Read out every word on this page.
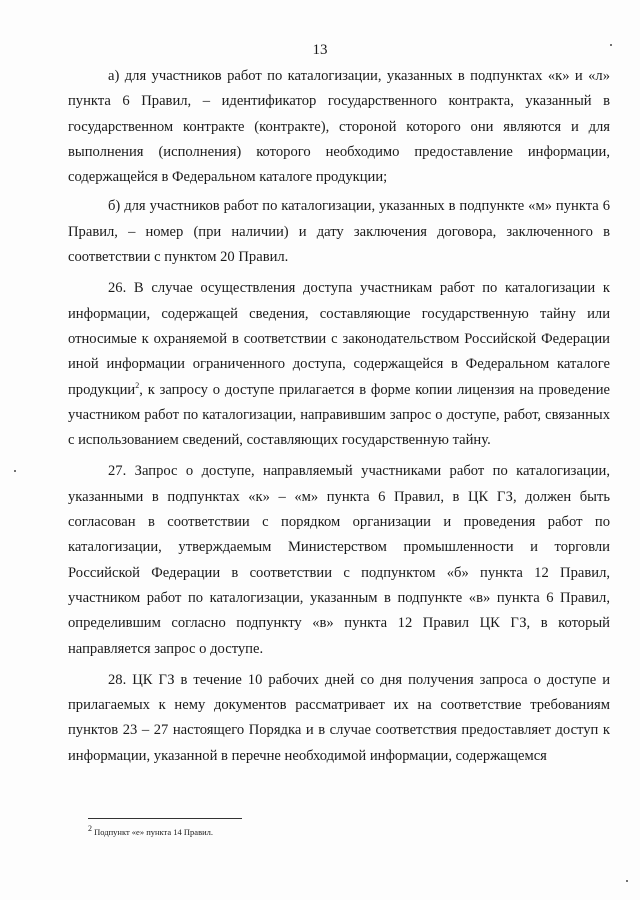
13

а) для участников работ по каталогизации, указанных в подпунктах «к» и «л» пункта 6 Правил, – идентификатор государственного контракта, указанный в государственном контракте (контракте), стороной которого они являются и для выполнения (исполнения) которого необходимо предоставление информации, содержащейся в Федеральном каталоге продукции;

б) для участников работ по каталогизации, указанных в подпункте «м» пункта 6 Правил, – номер (при наличии) и дату заключения договора, заключенного в соответствии с пунктом 20 Правил.

26. В случае осуществления доступа участникам работ по каталогизации к информации, содержащей сведения, составляющие государственную тайну или относимые к охраняемой в соответствии с законодательством Российской Федерации иной информации ограниченного доступа, содержащейся в Федеральном каталоге продукции$^2$, к запросу о доступе прилагается в форме копии лицензия на проведение участником работ по каталогизации, направившим запрос о доступе, работ, связанных с использованием сведений, составляющих государственную тайну.

27. Запрос о доступе, направляемый участниками работ по каталогизации, указанными в подпунктах «к» – «м» пункта 6 Правил, в ЦК ГЗ, должен быть согласован в соответствии с порядком организации и проведения работ по каталогизации, утверждаемым Министерством промышленности и торговли Российской Федерации в соответствии с подпунктом «б» пункта 12 Правил, участником работ по каталогизации, указанным в подпункте «в» пункта 6 Правил, определившим согласно подпункту «в» пункта 12 Правил ЦК ГЗ, в который направляется запрос о доступе.

28. ЦК ГЗ в течение 10 рабочих дней со дня получения запроса о доступе и прилагаемых к нему документов рассматривает их на соответствие требованиям пунктов 23 – 27 настоящего Порядка и в случае соответствия предоставляет доступ к информации, указанной в перечне необходимой информации, содержащемся

$^2$ Подпункт «е» пункта 14 Правил.
